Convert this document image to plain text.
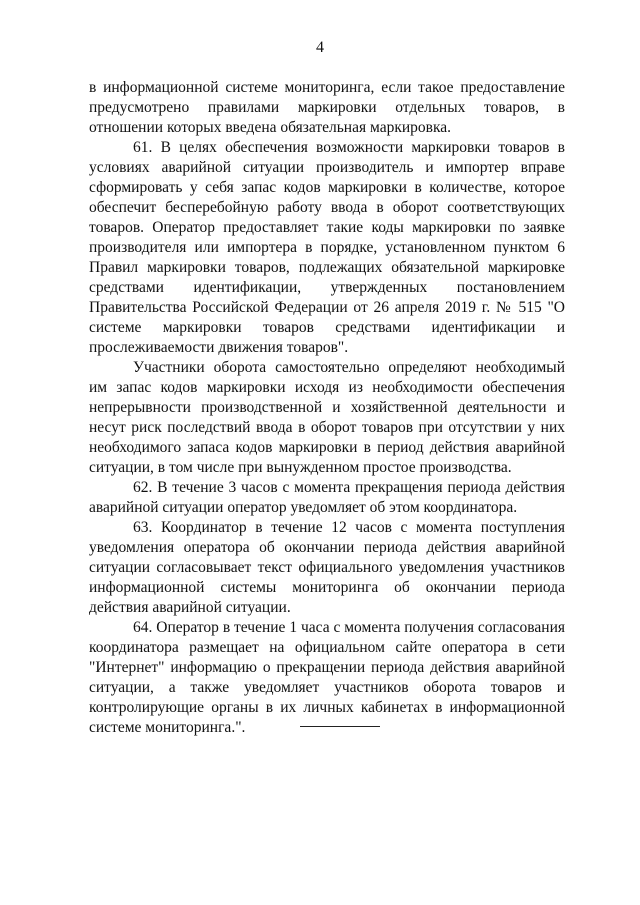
4

в информационной системе мониторинга, если такое предоставление предусмотрено правилами маркировки отдельных товаров, в отношении которых введена обязательная маркировка.

61. В целях обеспечения возможности маркировки товаров в условиях аварийной ситуации производитель и импортер вправе сформировать у себя запас кодов маркировки в количестве, которое обеспечит бесперебойную работу ввода в оборот соответствующих товаров. Оператор предоставляет такие коды маркировки по заявке производителя или импортера в порядке, установленном пунктом 6 Правил маркировки товаров, подлежащих обязательной маркировке средствами идентификации, утвержденных постановлением Правительства Российской Федерации от 26 апреля 2019 г. № 515 "О системе маркировки товаров средствами идентификации и прослеживаемости движения товаров".

Участники оборота самостоятельно определяют необходимый им запас кодов маркировки исходя из необходимости обеспечения непрерывности производственной и хозяйственной деятельности и несут риск последствий ввода в оборот товаров при отсутствии у них необходимого запаса кодов маркировки в период действия аварийной ситуации, в том числе при вынужденном простое производства.

62. В течение 3 часов с момента прекращения периода действия аварийной ситуации оператор уведомляет об этом координатора.

63. Координатор в течение 12 часов с момента поступления уведомления оператора об окончании периода действия аварийной ситуации согласовывает текст официального уведомления участников информационной системы мониторинга об окончании периода действия аварийной ситуации.

64. Оператор в течение 1 часа с момента получения согласования координатора размещает на официальном сайте оператора в сети "Интернет" информацию о прекращении периода действия аварийной ситуации, а также уведомляет участников оборота товаров и контролирующие органы в их личных кабинетах в информационной системе мониторинга.".
